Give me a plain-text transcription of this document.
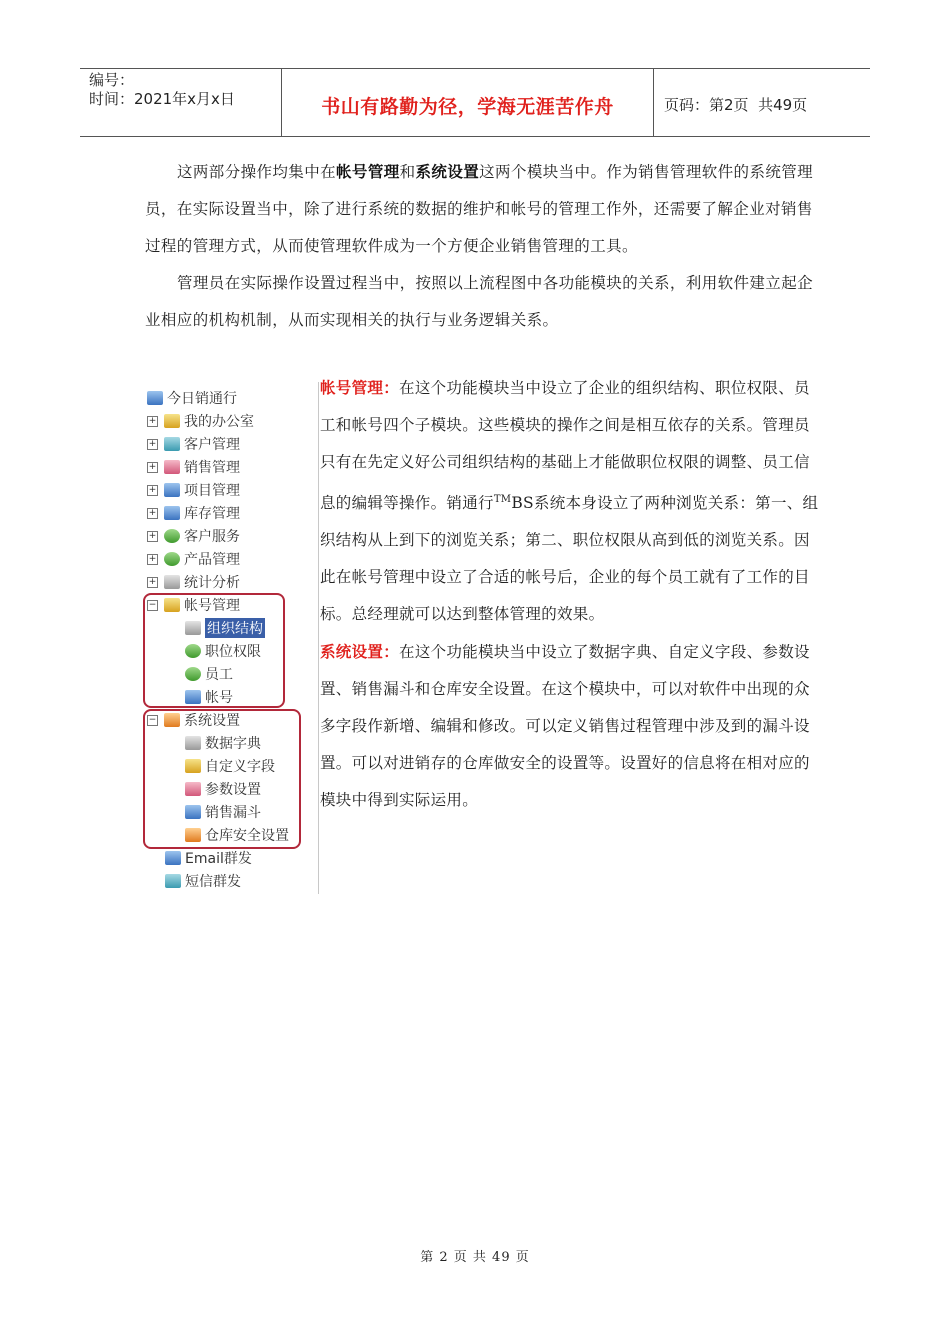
编号：
时间：2021年x月x日	书山有路勤为径，学海无涯苦作舟	页码：第2页  共49页
这两部分操作均集中在帐号管理和系统设置这两个模块当中。作为销售管理软件的系统管理员，在实际设置当中，除了进行系统的数据的维护和帐号的管理工作外，还需要了解企业对销售过程的管理方式，从而使管理软件成为一个方便企业销售管理的工具。
管理员在实际操作设置过程当中，按照以上流程图中各功能模块的关系，利用软件建立起企业相应的机构机制，从而实现相关的执行与业务逻辑关系。
今日销通行
+ 我的办公室
+ 客户管理
+ 销售管理
+ 项目管理
+ 库存管理
+ 客户服务
+ 产品管理
+ 统计分析
− 帐号管理
组织结构
职位权限
员工
帐号
− 系统设置
数据字典
自定义字段
参数设置
销售漏斗
仓库安全设置
Email群发
短信群发
帐号管理：在这个功能模块当中设立了企业的组织结构、职位权限、员工和帐号四个子模块。这些模块的操作之间是相互依存的关系。管理员只有在先定义好公司组织结构的基础上才能做职位权限的调整、员工信息的编辑等操作。销通行™BS系统本身设立了两种浏览关系：第一、组织结构从上到下的浏览关系；第二、职位权限从高到低的浏览关系。因此在帐号管理中设立了合适的帐号后，企业的每个员工就有了工作的目标。总经理就可以达到整体管理的效果。
系统设置：在这个功能模块当中设立了数据字典、自定义字段、参数设置、销售漏斗和仓库安全设置。在这个模块中，可以对软件中出现的众多字段作新增、编辑和修改。可以定义销售过程管理中涉及到的漏斗设置。可以对进销存的仓库做安全的设置等。设置好的信息将在相对应的模块中得到实际运用。
第 2 页 共 49 页
